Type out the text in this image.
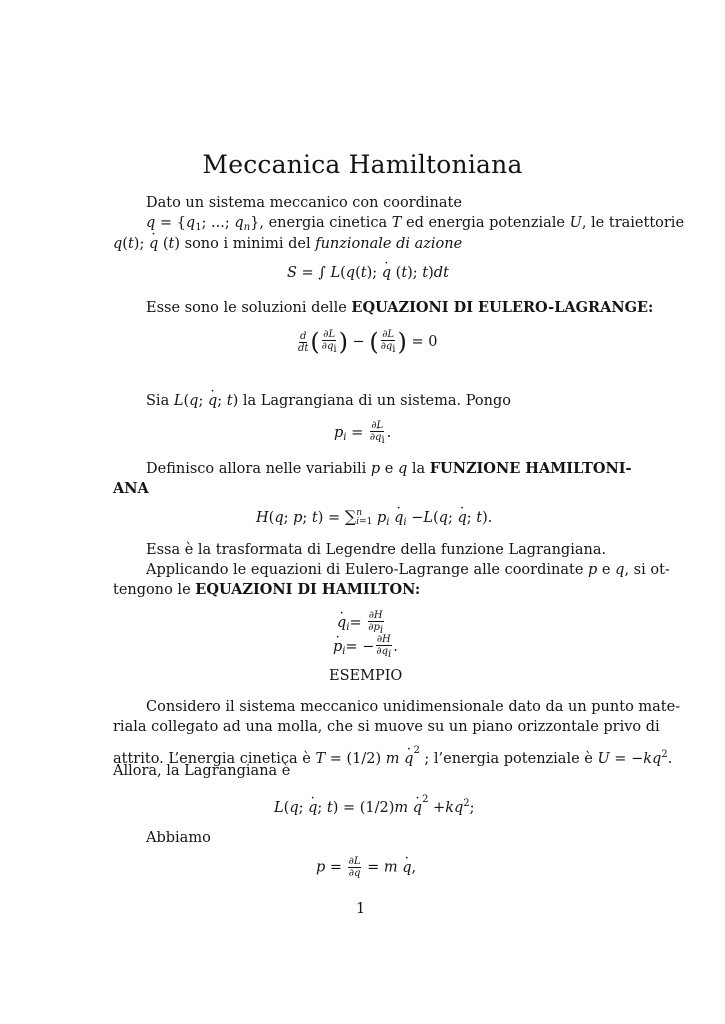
Meccanica Hamiltoniana
Dato un sistema meccanico con coordinate
$q = \{q_1$; ...; $q_n$}, energia cinetica T ed energia potenziale U, le traiettorie
q(t); · q (t) sono i minimi del funzionale di azione
S = ∫ L(q(t); · q (t); t)dt
Esse sono le soluzioni delle EQUAZIONI DI EULERO-LAGRANGE:
$\frac{d}{dt}$ ( $\frac{\partial L}{\partial qi}$ ) − ( $\frac{\partial L}{\partial qi}$ ) = 0
Sia L(q; · q; t) la Lagrangiana di un sistema. Pongo
$p_i = \frac{\partial L}{\partial\cdot qi}$ .
Definisco allora nelle variabili p e q la FUNZIONE HAMILTONI-
ANA
H(q; p; t) = ∑ n
i=1 $p_i \cdot q_i -L(q$; · q; t).
Essa è la trasformata di Legendre della funzione Lagrangiana.
Applicando le equazioni di Eulero-Lagrange alle coordinate p e q, si ot-
tengono le EQUAZIONI DI HAMILTON:
· $q_i= \frac{\partial H}{\partial pi}$
· $p_i= - \frac{\partial H}{\partial qi}$ .
ESEMPIO
Considero il sistema meccanico unidimensionale dato da un punto mate-
riala collegato ad una molla, che si muove su un piano orizzontale privo di
attrito. L’energia cinetica è T = (1/2) $m \cdot q^2$ ; l’energia potenziale è $U = -kq^2$.
Allora, la Lagrangiana è
L(q; · q; $t) = (1/2)m \cdot q^2 +kq^2$;
Abbiamo
$p = \frac{\partial L}{\partial q} = m \cdot q$,
1
